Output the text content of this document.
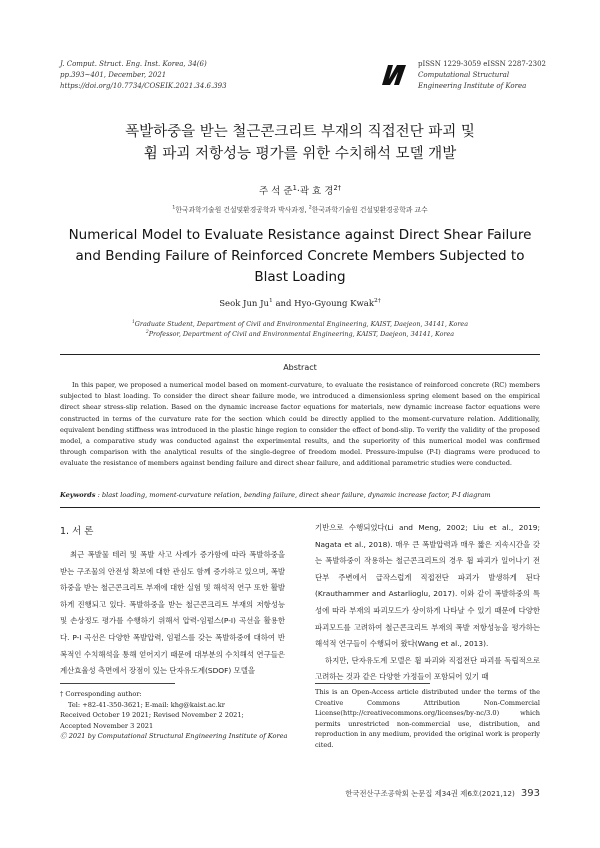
J. Comput. Struct. Eng. Inst. Korea, 34(6)
pp.393~401, December, 2021
https://doi.org/10.7734/COSEIK.2021.34.6.393
pISSN 1229-3059 eISSN 2287-2302
Computational Structural
Engineering Institute of Korea
폭발하중을 받는 철근콘크리트 부재의 직접전단 파괴 및
휨 파괴 저항성능 평가를 위한 수치해석 모델 개발
주 석 준$^1$·곽 효 경$^{2\dagger}$
$^1$한국과학기술원 건설및환경공학과 박사과정, $^2$한국과학기술원 건설및환경공학과 교수
Numerical Model to Evaluate Resistance against Direct Shear Failure
and Bending Failure of Reinforced Concrete Members Subjected to
Blast Loading
Seok Jun Ju$^1$ and Hyo-Gyoung Kwak$^{2\dagger}$
$^1$Graduate Student, Department of Civil and Environmental Engineering, KAIST, Daejeon, 34141, Korea
$^2$Professor, Department of Civil and Environmental Engineering, KAIST, Daejeon, 34141, Korea
Abstract
In this paper, we proposed a numerical model based on moment-curvature, to evaluate the resistance of reinforced concrete (RC) members subjected to blast loading. To consider the direct shear failure mode, we introduced a dimensionless spring element based on the empirical direct shear stress-slip relation. Based on the dynamic increase factor equations for materials, new dynamic increase factor equations were constructed in terms of the curvature rate for the section which could be directly applied to the moment-curvature relation. Additionally, equivalent bending stiffness was introduced in the plastic hinge region to consider the effect of bond-slip. To verify the validity of the proposed model, a comparative study was conducted against the experimental results, and the superiority of this numerical model was confirmed through comparison with the analytical results of the single-degree of freedom model. Pressure-impulse (P-I) diagrams were produced to evaluate the resistance of members against bending failure and direct shear failure, and additional parametric studies were conducted.
Keywords : blast loading, moment-curvature relation, bending failure, direct shear failure, dynamic increase factor, P-I diagram
1. 서 론
최근 폭발물 테러 및 폭발 사고 사례가 증가함에 따라 폭발하중을 받는 구조물의 안전성 확보에 대한 관심도 함께 증가하고 있으며, 폭발하중을 받는 철근콘크리트 부재에 대한 실험 및 해석적 연구 또한 활발하게 진행되고 있다. 폭발하중을 받는 철근콘크리트 부재의 저항성능 및 손상정도 평가를 수행하기 위해서 압력-임펄스(P-I) 곡선을 활용한다. P-I 곡선은 다양한 폭발압력, 임펄스를 갖는 폭발하중에 대하여 반복적인 수치해석을 통해 얻어지기 때문에 대부분의 수치해석 연구들은 계산효율성 측면에서 장점이 있는 단자유도계(SDOF) 모델을

기반으로 수행되었다(Li and Meng, 2002; Liu et al., 2019; Nagata et al., 2018). 매우 큰 폭발압력과 매우 짧은 지속시간을 갖는 폭발하중이 작용하는 철근콘크리트의 경우 휨 파괴가 일어나기 전 단부 주변에서 급작스럽게 직접전단 파괴가 발생하게 된다(Krauthammer and Astarlioglu, 2017). 이와 같이 폭발하중의 특성에 따라 부재의 파괴모드가 상이하게 나타날 수 있기 때문에 다양한 파괴모드를 고려하여 철근콘크리트 부재의 폭발 저항성능을 평가하는 해석적 연구들이 수행되어 왔다(Wang et al., 2013).

하지만, 단자유도계 모델은 휨 파괴와 직접전단 파괴를 독립적으로 고려하는 것과 같은 다양한 가정들이 포함되어 있기 때

† Corresponding author:
Tel: +82-41-350-3621; E-mail: khg@kaist.ac.kr
Received October 19 2021; Revised November 2 2021;
Accepted November 3 2021
Ⓒ 2021 by Computational Structural Engineering Institute of Korea
This is an Open-Access article distributed under the terms of the Creative Commons Attribution Non-Commercial License(http://creativecommons.org/licenses/by-nc/3.0) which permits unrestricted non-commercial use, distribution, and reproduction in any medium, provided the original work is properly cited.
한국전산구조공학회 논문집 제34권 제6호(2021,12) 393
